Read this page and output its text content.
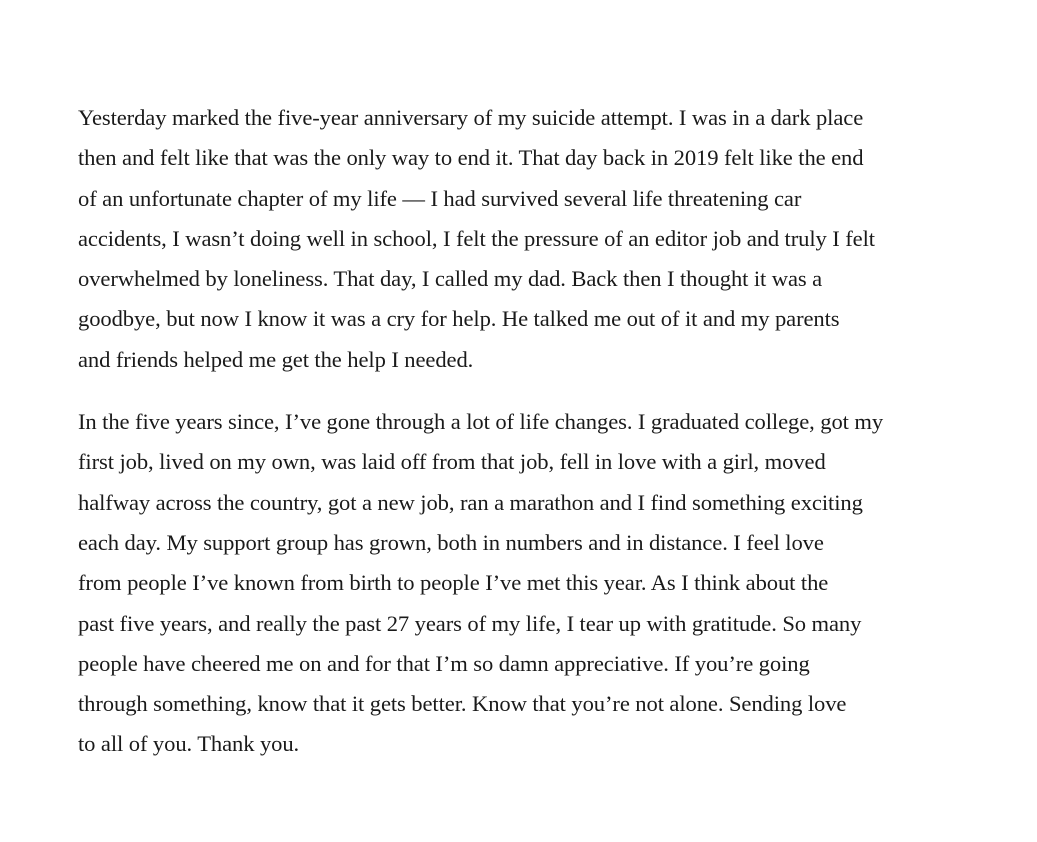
Yesterday marked the five-year anniversary of my suicide attempt. I was in a dark place
then and felt like that was the only way to end it. That day back in 2019 felt like the end
of an unfortunate chapter of my life — I had survived several life threatening car
accidents, I wasn’t doing well in school, I felt the pressure of an editor job and truly I felt
overwhelmed by loneliness. That day, I called my dad. Back then I thought it was a
goodbye, but now I know it was a cry for help. He talked me out of it and my parents
and friends helped me get the help I needed.

In the five years since, I’ve gone through a lot of life changes. I graduated college, got my
first job, lived on my own, was laid off from that job, fell in love with a girl, moved
halfway across the country, got a new job, ran a marathon and I find something exciting
each day. My support group has grown, both in numbers and in distance. I feel love
from people I’ve known from birth to people I’ve met this year. As I think about the
past five years, and really the past 27 years of my life, I tear up with gratitude. So many
people have cheered me on and for that I’m so damn appreciative. If you’re going
through something, know that it gets better. Know that you’re not alone. Sending love
to all of you. Thank you.
